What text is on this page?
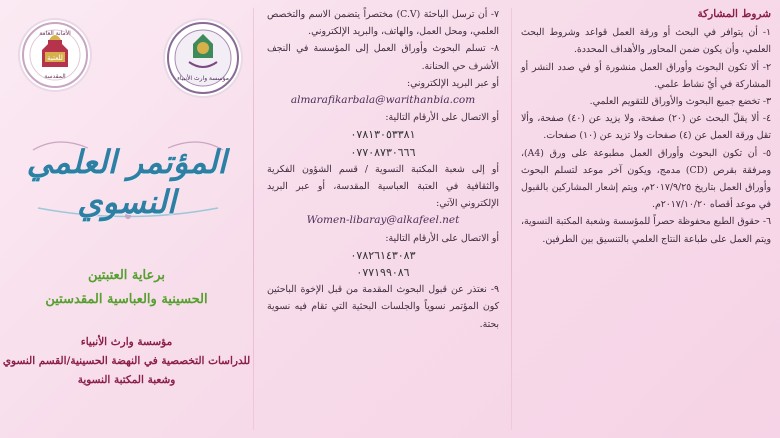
الأمانة العامة
للعتبة
المقدسة	مؤسسة وارث الأنبياء
المؤتمر العلمي النسوي
برعاية العتبتين
الحسينية والعباسية المقدستين
مؤسسة وارث الأنبياء
للدراسات التخصصية في النهضة الحسينية/القسم النسوي
وشعبة المكتبة النسوية

٧- أن ترسل الباحثة (C.V) مختصراً يتضمن الاسم والتخصص العلمي، ومحل العمل، والهاتف، والبريد الإلكتروني.

٨- تسلم البحوث وأوراق العمل إلى المؤسسة في النجف الأشرف حي الحنانة.

أو عبر البريد الإلكتروني:

almarafikarbala@warithanbia.com

أو الاتصال على الأرقام التالية:

٠٧٨١٣٠٥٣٣٨١

٠٧٧٠٨٧٣٠٦٦٦

أو إلى شعبة المكتبة النسوية / قسم الشؤون الفكرية والثقافية في العتبة العباسية المقدسة، أو عبر البريد الإلكتروني الآتي:

Women-libaray@alkafeel.net

أو الاتصال على الأرقام التالية:

٠٧٨٢٦١٤٣٠٨٣

٠٧٧١٩٩٠٨٦

٩- نعتذر عن قبول البحوث المقدمة من قبل الإخوة الباحثين كون المؤتمر نسوياً والجلسات البحثية التي تقام فيه نسوية بحتة.

شروط المشاركة

١- أن يتوافر في البحث أو ورقة العمل قواعد وشروط البحث العلمي، وأن يكون ضمن المحاور والأهداف المحددة.

٢- ألا تكون البحوث وأوراق العمل منشورة أو في صدد النشر أو المشاركة في أيّ نشاط علمي.

٣- تخضع جميع البحوث والأوراق للتقويم العلمي.

٤- ألا يقلّ البحث عن (٢٠) صفحة، ولا يزيد عن (٤٠) صفحة، وألا تقل ورقة العمل عن (٤) صفحات ولا تزيد عن (١٠) صفحات.

٥- أن تكون البحوث وأوراق العمل مطبوعة على ورق (A4)، ومرفقة بقرص (CD) مدمج، ويكون آخر موعد لتسلم البحوث وأوراق العمل بتاريخ ٢٠١٧/٩/٢٥م، ويتم إشعار المشاركين بالقبول في موعد أقصاه ٢٠١٧/١٠/٢٠م.

٦- حقوق الطبع محفوظة حصراً للمؤسسة وشعبة المكتبة النسوية، ويتم العمل على طباعة النتاج العلمي بالتنسيق بين الطرفين.
